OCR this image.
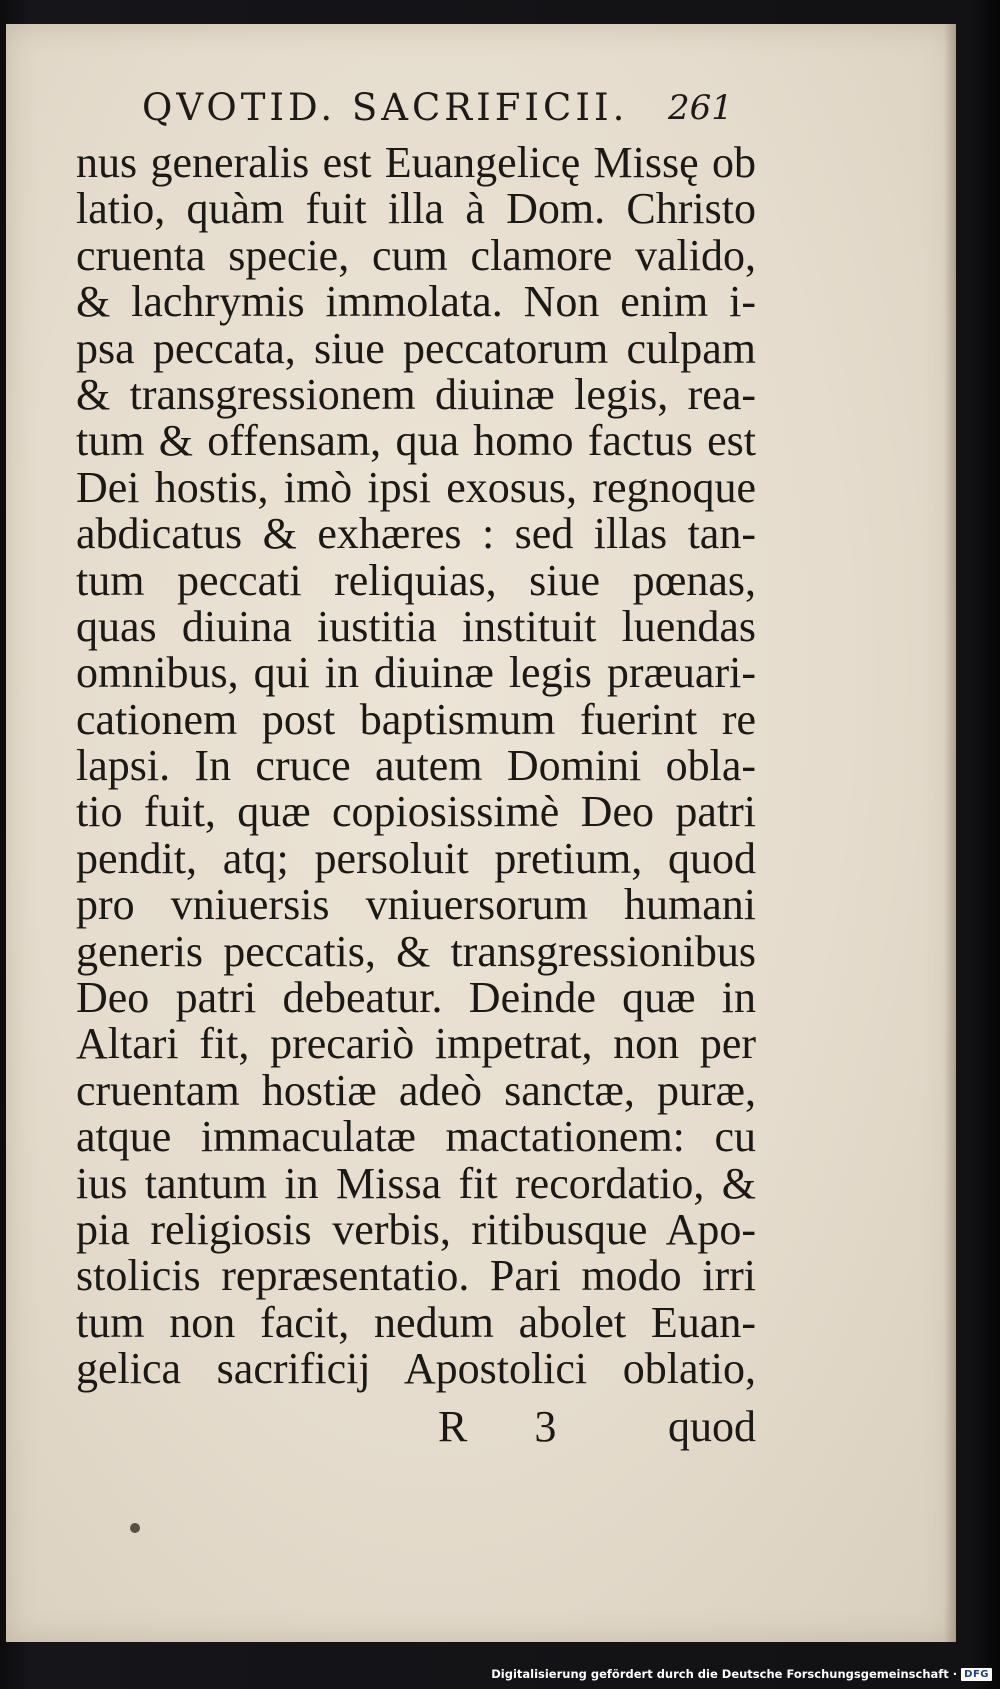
QVOTID. SACRIFICII. 261
nus generalis est Euangelicę Missę ob
latio, quàm fuit illa à Dom. Christo
cruenta specie, cum clamore valido,
& lachrymis immolata. Non enim i-
psa peccata, siue peccatorum culpam
& transgressionem diuinæ legis, rea-
tum & offensam, qua homo factus est
Dei hostis, imò ipsi exosus, regnoque
abdicatus & exhæres : sed illas tan-
tum peccati reliquias, siue pœnas,
quas diuina iustitia instituit luendas
omnibus, qui in diuinæ legis præuari-
cationem post baptismum fuerint re
lapsi. In cruce autem Domini obla-
tio fuit, quæ copiosissimè Deo patri
pendit, atq; persoluit pretium, quod
pro vniuersis vniuersorum humani
generis peccatis, & transgressionibus
Deo patri debeatur. Deinde quæ in
Altari fit, precariò impetrat, non per
cruentam hostiæ adeò sanctæ, puræ,
atque immaculatæ mactationem: cu
ius tantum in Missa fit recordatio, &
pia religiosis verbis, ritibusque Apo-
stolicis repræsentatio. Pari modo irri
tum non facit, nedum abolet Euan-
gelica sacrificij Apostolici oblatio,
R 3 quod
Digitalisierung gefördert durch die Deutsche Forschungsgemeinschaft · DFG
